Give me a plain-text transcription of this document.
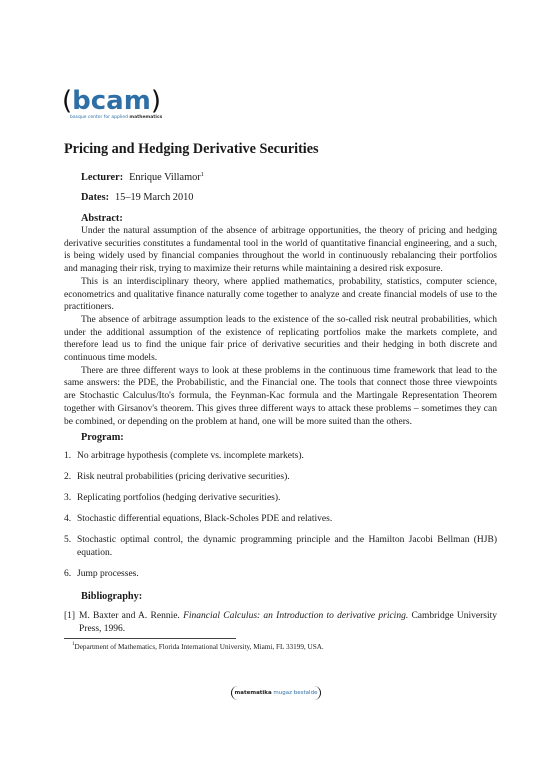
(bcam)
basque center for applied mathematics
Pricing and Hedging Derivative Securities
Lecturer: Enrique Villamor$^1$
Dates: 15–19 March 2010
Abstract:

Under the natural assumption of the absence of arbitrage opportunities, the theory of pricing and hedging derivative securities constitutes a fundamental tool in the world of quantitative financial engineering, and a such, is being widely used by financial companies throughout the world in continuously rebalancing their portfolios and managing their risk, trying to maximize their returns while maintaining a desired risk exposure.

This is an interdisciplinary theory, where applied mathematics, probability, statistics, computer science, econometrics and qualitative finance naturally come together to analyze and create financial models of use to the practitioners.

The absence of arbitrage assumption leads to the existence of the so-called risk neutral probabilities, which under the additional assumption of the existence of replicating portfolios make the markets complete, and therefore lead us to find the unique fair price of derivative securities and their hedging in both discrete and continuous time models.

There are three different ways to look at these problems in the continuous time framework that lead to the same answers: the PDE, the Probabilistic, and the Financial one. The tools that connect those three viewpoints are Stochastic Calculus/Ito's formula, the Feynman-Kac formula and the Martingale Representation Theorem together with Girsanov's theorem. This gives three different ways to attack these problems – sometimes they can be combined, or depending on the problem at hand, one will be more suited than the others.

Program:
1. No arbitrage hypothesis (complete vs. incomplete markets).
2. Risk neutral probabilities (pricing derivative securities).
3. Replicating portfolios (hedging derivative securities).
4. Stochastic differential equations, Black-Scholes PDE and relatives.
5. Stochastic optimal control, the dynamic programming principle and the Hamilton Jacobi Bellman (HJB) equation.
6. Jump processes.
Bibliography:
[1] M. Baxter and A. Rennie. Financial Calculus: an Introduction to derivative pricing. Cambridge University Press, 1996.
$^1$Department of Mathematics, Florida International University, Miami, FL 33199, USA.
matematika mugaz bestalde
